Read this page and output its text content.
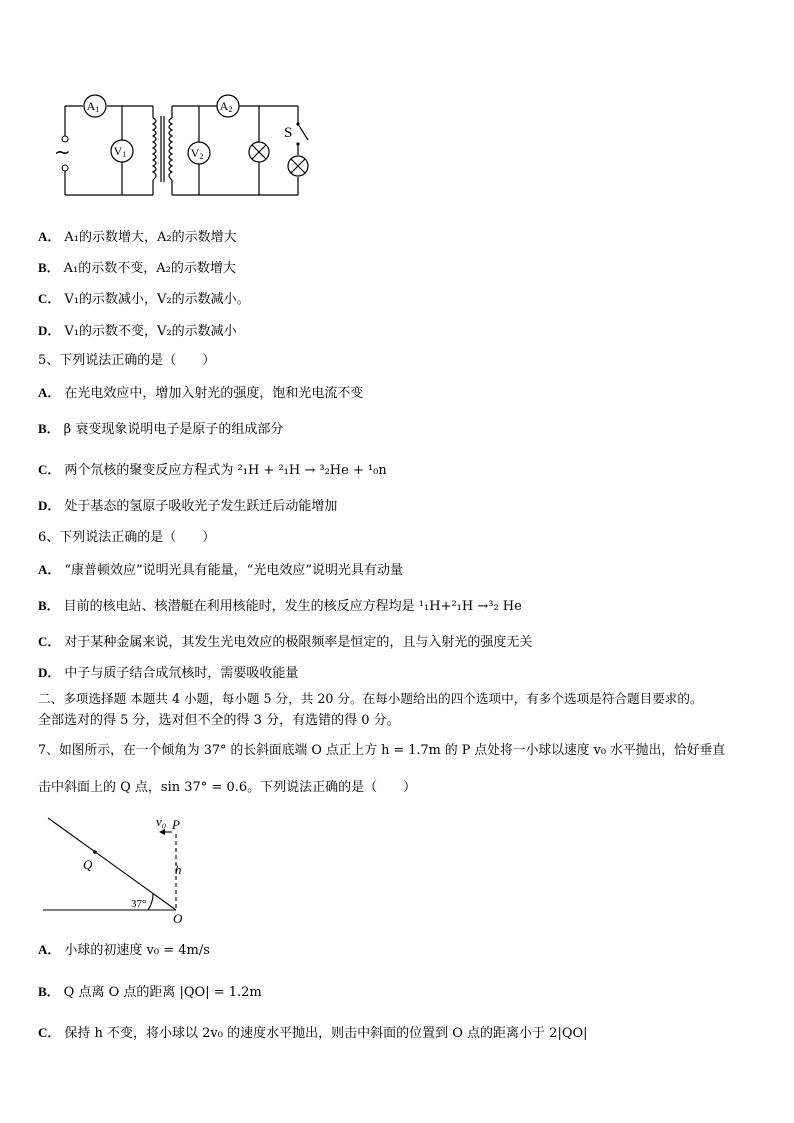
~
S
A1
V1
A2
V2
A． A₁的示数增大，A₂的示数增大
B． A₁的示数不变，A₂的示数增大
C． V₁的示数减小，V₂的示数减小。
D． V₁的示数不变，V₂的示数减小
5、下列说法正确的是（　　）
A． 在光电效应中，增加入射光的强度，饱和光电流不变
B． β 衰变现象说明电子是原子的组成部分
C． 两个氘核的聚变反应方程式为 ²₁H + ²₁H → ³₂He + ¹₀n
D． 处于基态的氢原子吸收光子发生跃迁后动能增加
6、下列说法正确的是（　　）
A． “康普顿效应”说明光具有能量，“光电效应”说明光具有动量
B． 目前的核电站、核潜艇在利用核能时，发生的核反应方程均是 ¹₁H+²₁H →³₂ He
C． 对于某种金属来说，其发生光电效应的极限频率是恒定的，且与入射光的强度无关
D． 中子与质子结合成氘核时，需要吸收能量
二、多项选择题 本题共 4 小题，每小题 5 分，共 20 分。在每小题给出的四个选项中，有多个选项是符合题目要求的。
全部选对的得 5 分，选对但不全的得 3 分，有选错的得 0 分。
7、如图所示，在一个倾角为 37° 的长斜面底端 O 点正上方 h = 1.7m 的 P 点处将一小球以速度 v₀ 水平抛出，恰好垂直
击中斜面上的 Q 点，sin 37° = 0.6。下列说法正确的是（　　）
v₀ P
Q	h
37°
O
A． 小球的初速度 v₀ = 4m/s
B． Q 点离 O 点的距离 |QO| = 1.2m
C． 保持 h 不变，将小球以 2v₀ 的速度水平抛出，则击中斜面的位置到 O 点的距离小于 2|QO|
